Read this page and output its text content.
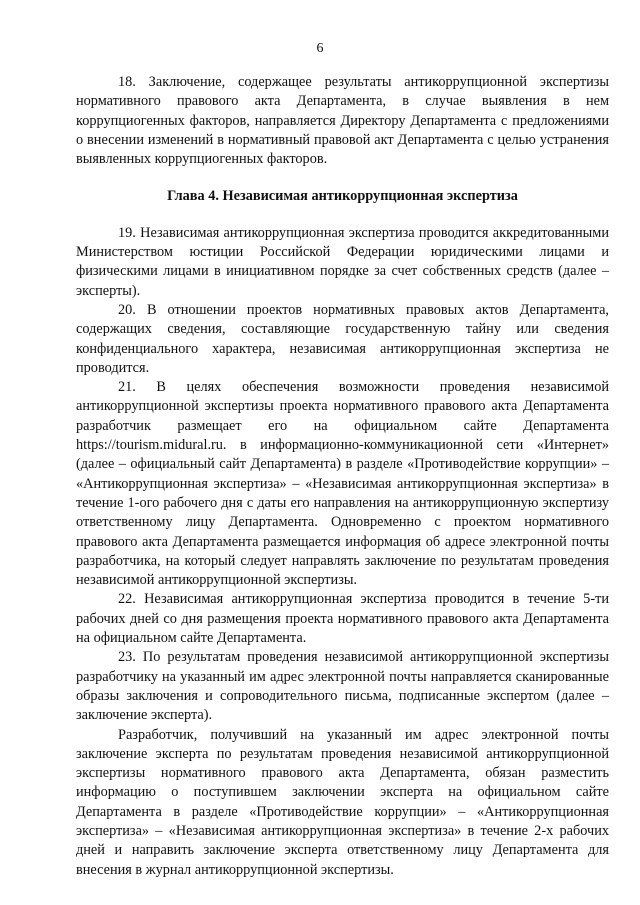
6

18. Заключение, содержащее результаты антикоррупционной экспертизы нормативного правового акта Департамента, в случае выявления в нем коррупциогенных факторов, направляется Директору Департамента с предложениями о внесении изменений в нормативный правовой акт Департамента с целью устранения выявленных коррупциогенных факторов.

Глава 4. Независимая антикоррупционная экспертиза

19. Независимая антикоррупционная экспертиза проводится аккредитованными Министерством юстиции Российской Федерации юридическими лицами и физическими лицами в инициативном порядке за счет собственных средств (далее – эксперты).

20. В отношении проектов нормативных правовых актов Департамента, содержащих сведения, составляющие государственную тайну или сведения конфиденциального характера, независимая антикоррупционная экспертиза не проводится.

21. В целях обеспечения возможности проведения независимой антикоррупционной экспертизы проекта нормативного правового акта Департамента разработчик размещает его на официальном сайте Департамента https://tourism.midural.ru. в информационно-коммуникационной сети «Интернет» (далее – официальный сайт Департамента) в разделе «Противодействие коррупции» – «Антикоррупционная экспертиза» – «Независимая антикоррупционная экспертиза» в течение 1-ого рабочего дня с даты его направления на антикоррупционную экспертизу ответственному лицу Департамента. Одновременно с проектом нормативного правового акта Департамента размещается информация об адресе электронной почты разработчика, на который следует направлять заключение по результатам проведения независимой антикоррупционной экспертизы.

22. Независимая антикоррупционная экспертиза проводится в течение 5-ти рабочих дней со дня размещения проекта нормативного правового акта Департамента на официальном сайте Департамента.

23. По результатам проведения независимой антикоррупционной экспертизы разработчику на указанный им адрес электронной почты направляется сканированные образы заключения и сопроводительного письма, подписанные экспертом (далее – заключение эксперта).

Разработчик, получивший на указанный им адрес электронной почты заключение эксперта по результатам проведения независимой антикоррупционной экспертизы нормативного правового акта Департамента, обязан разместить информацию о поступившем заключении эксперта на официальном сайте Департамента в разделе «Противодействие коррупции» – «Антикоррупционная экспертиза» – «Независимая антикоррупционная экспертиза» в течение 2-х рабочих дней и направить заключение эксперта ответственному лицу Департамента для внесения в журнал антикоррупционной экспертизы.
